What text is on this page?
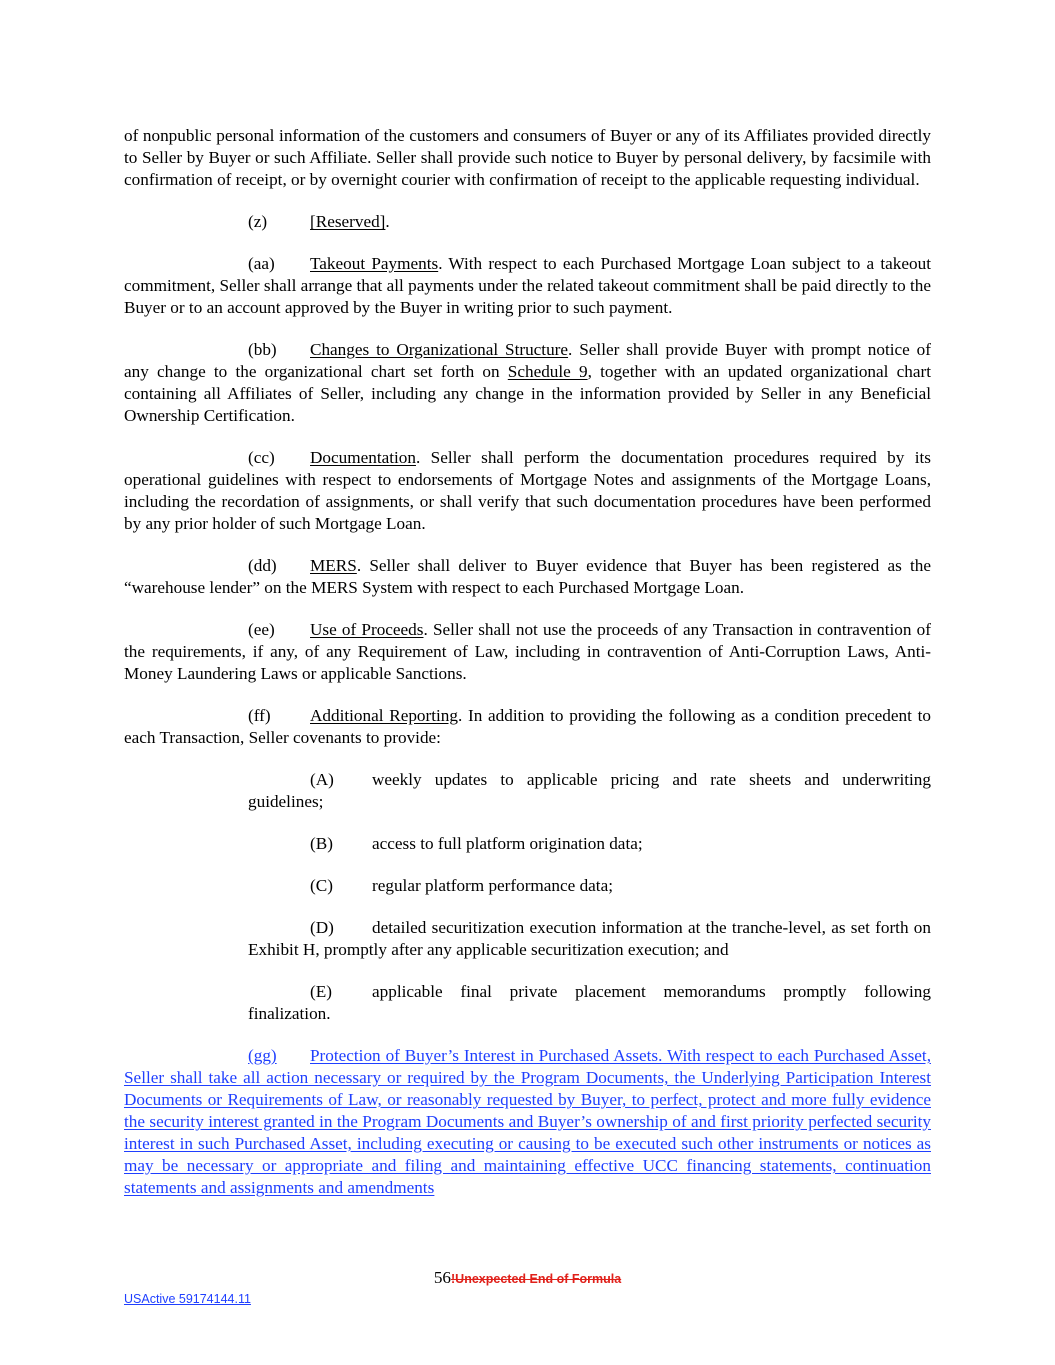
of nonpublic personal information of the customers and consumers of Buyer or any of its Affiliates provided directly to Seller by Buyer or such Affiliate. Seller shall provide such notice to Buyer by personal delivery, by facsimile with confirmation of receipt, or by overnight courier with confirmation of receipt to the applicable requesting individual.

(z) [Reserved].

(aa) Takeout Payments. With respect to each Purchased Mortgage Loan subject to a takeout commitment, Seller shall arrange that all payments under the related takeout commitment shall be paid directly to the Buyer or to an account approved by the Buyer in writing prior to such payment.

(bb) Changes to Organizational Structure. Seller shall provide Buyer with prompt notice of any change to the organizational chart set forth on Schedule 9, together with an updated organizational chart containing all Affiliates of Seller, including any change in the information provided by Seller in any Beneficial Ownership Certification.

(cc) Documentation. Seller shall perform the documentation procedures required by its operational guidelines with respect to endorsements of Mortgage Notes and assignments of the Mortgage Loans, including the recordation of assignments, or shall verify that such documentation procedures have been performed by any prior holder of such Mortgage Loan.

(dd) MERS. Seller shall deliver to Buyer evidence that Buyer has been registered as the “warehouse lender” on the MERS System with respect to each Purchased Mortgage Loan.

(ee) Use of Proceeds. Seller shall not use the proceeds of any Transaction in contravention of the requirements, if any, of any Requirement of Law, including in contravention of Anti-Corruption Laws, Anti-Money Laundering Laws or applicable Sanctions.

(ff) Additional Reporting. In addition to providing the following as a condition precedent to each Transaction, Seller covenants to provide:

(A) weekly updates to applicable pricing and rate sheets and underwriting guidelines;

(B) access to full platform origination data;

(C) regular platform performance data;

(D) detailed securitization execution information at the tranche-level, as set forth on Exhibit H, promptly after any applicable securitization execution; and

(E) applicable final private placement memorandums promptly following finalization.

(gg) Protection of Buyer’s Interest in Purchased Assets. With respect to each Purchased Asset, Seller shall take all action necessary or required by the Program Documents, the Underlying Participation Interest Documents or Requirements of Law, or reasonably requested by Buyer, to perfect, protect and more fully evidence the security interest granted in the Program Documents and Buyer’s ownership of and first priority perfected security interest in such Purchased Asset, including executing or causing to be executed such other instruments or notices as may be necessary or appropriate and filing and maintaining effective UCC financing statements, continuation statements and assignments and amendments

56!Unexpected End of Formula
USActive 59174144.11
